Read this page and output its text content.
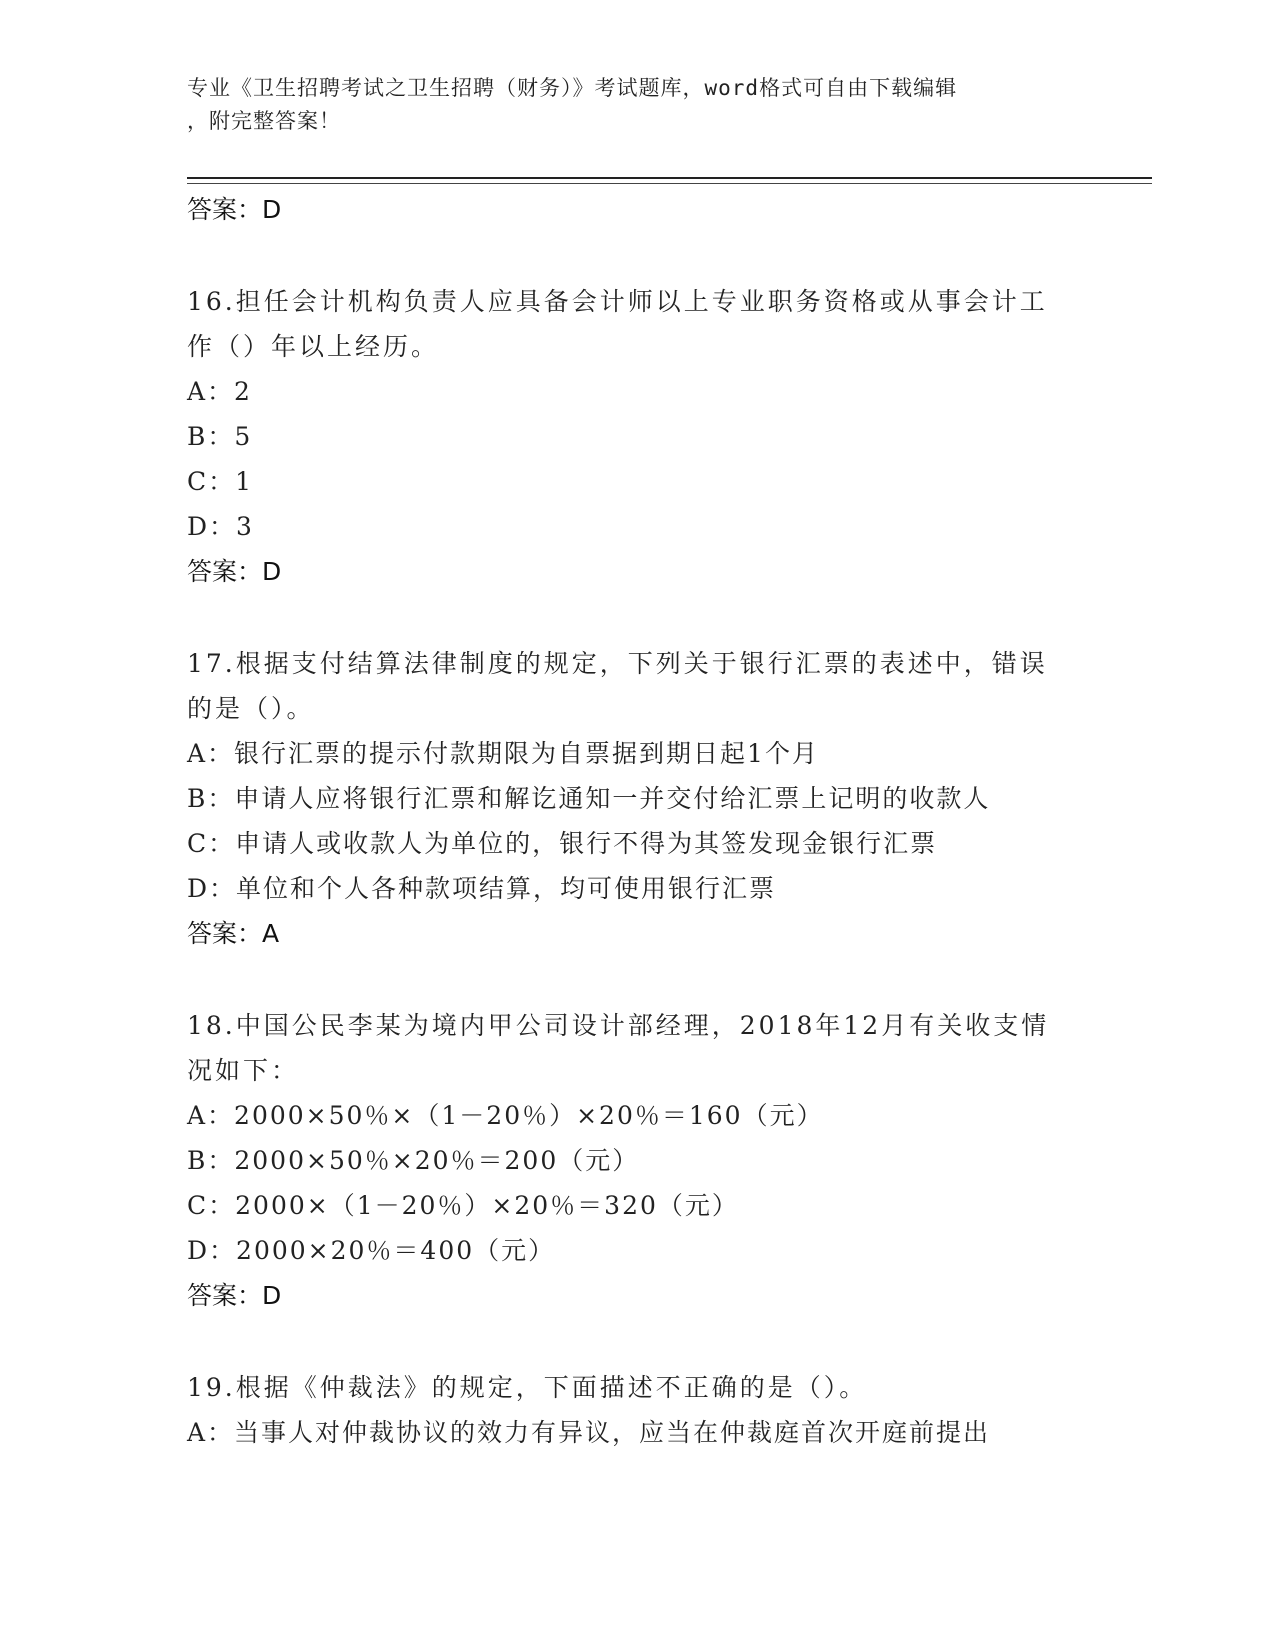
专业《卫生招聘考试之卫生招聘（财务）》考试题库，word格式可自由下载编辑
，附完整答案！
答案：D
16.担任会计机构负责人应具备会计师以上专业职务资格或从事会计工
作（）年以上经历。
A：2
B：5
C：1
D：3
答案：D
17.根据支付结算法律制度的规定，下列关于银行汇票的表述中，错误
的是（）。
A：银行汇票的提示付款期限为自票据到期日起1个月
B：申请人应将银行汇票和解讫通知一并交付给汇票上记明的收款人
C：申请人或收款人为单位的，银行不得为其签发现金银行汇票
D：单位和个人各种款项结算，均可使用银行汇票
答案：A
18.中国公民李某为境内甲公司设计部经理，2018年12月有关收支情
况如下：
A：2000×50％×（1－20％）×20％＝160（元）
B：2000×50％×20％＝200（元）
C：2000×（1－20％）×20％＝320（元）
D：2000×20％＝400（元）
答案：D
19.根据《仲裁法》的规定，下面描述不正确的是（）。
A：当事人对仲裁协议的效力有异议，应当在仲裁庭首次开庭前提出
